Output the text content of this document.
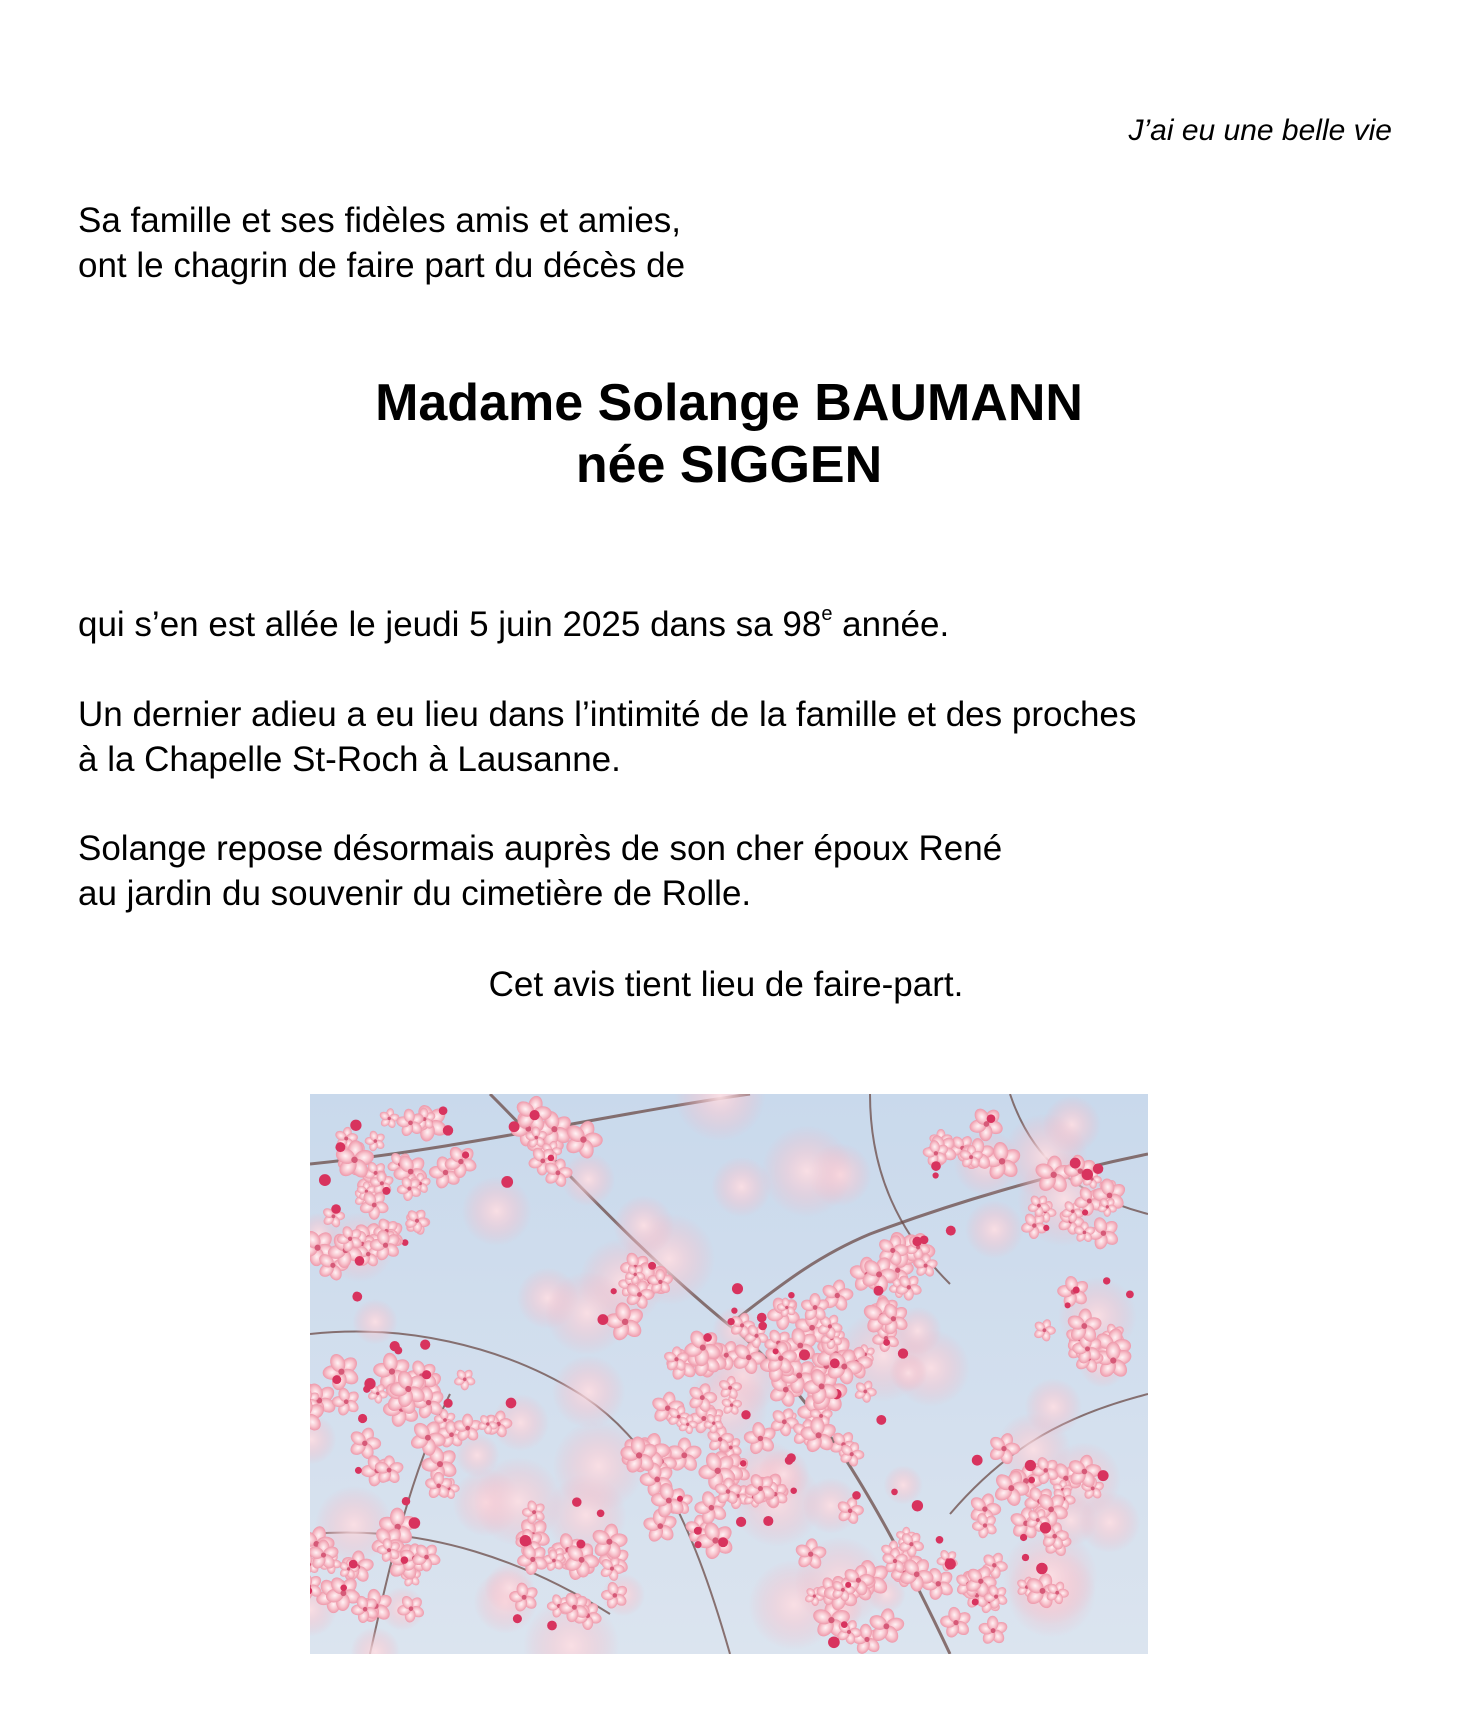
J’ai eu une belle vie
Sa famille et ses fidèles amis et amies,
ont le chagrin de faire part du décès de
Madame Solange BAUMANN
née SIGGEN
qui s’en est allée le jeudi 5 juin 2025 dans sa 98e année.
Un dernier adieu a eu lieu dans l’intimité de la famille et des proches
à la Chapelle St-Roch à Lausanne.
Solange repose désormais auprès de son cher époux René
au jardin du souvenir du cimetière de Rolle.
Cet avis tient lieu de faire-part.
